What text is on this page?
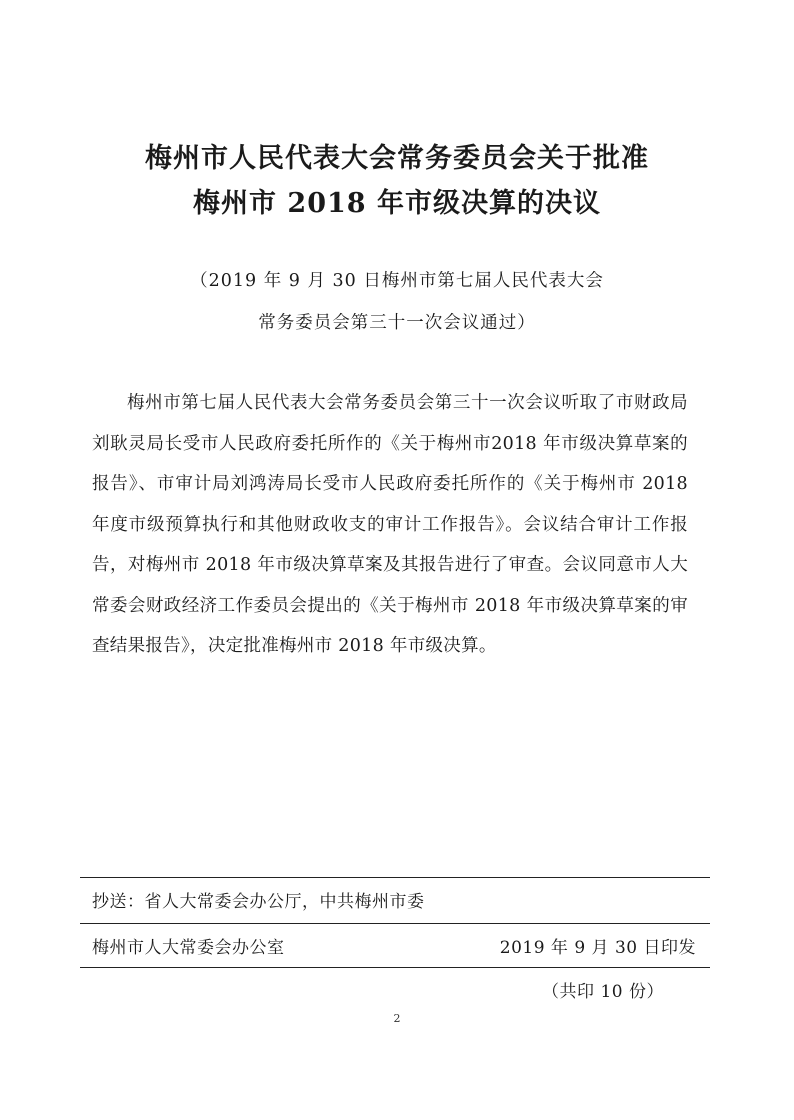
梅州市人民代表大会常务委员会关于批准
梅州市 2018 年市级决算的决议
（2019 年 9 月 30 日梅州市第七届人民代表大会
常务委员会第三十一次会议通过）

梅州市第七届人民代表大会常务委员会第三十一次会议听取了市财政局刘耿灵局长受市人民政府委托所作的《关于梅州市2018 年市级决算草案的报告》、市审计局刘鸿涛局长受市人民政府委托所作的《关于梅州市 2018 年度市级预算执行和其他财政收支的审计工作报告》。会议结合审计工作报告，对梅州市 2018 年市级决算草案及其报告进行了审查。会议同意市人大常委会财政经济工作委员会提出的《关于梅州市 2018 年市级决算草案的审查结果报告》，决定批准梅州市 2018 年市级决算。

抄送：省人大常委会办公厅，中共梅州市委
梅州市人大常委会办公室	2019 年 9 月 30 日印发
（共印 10 份）
2
